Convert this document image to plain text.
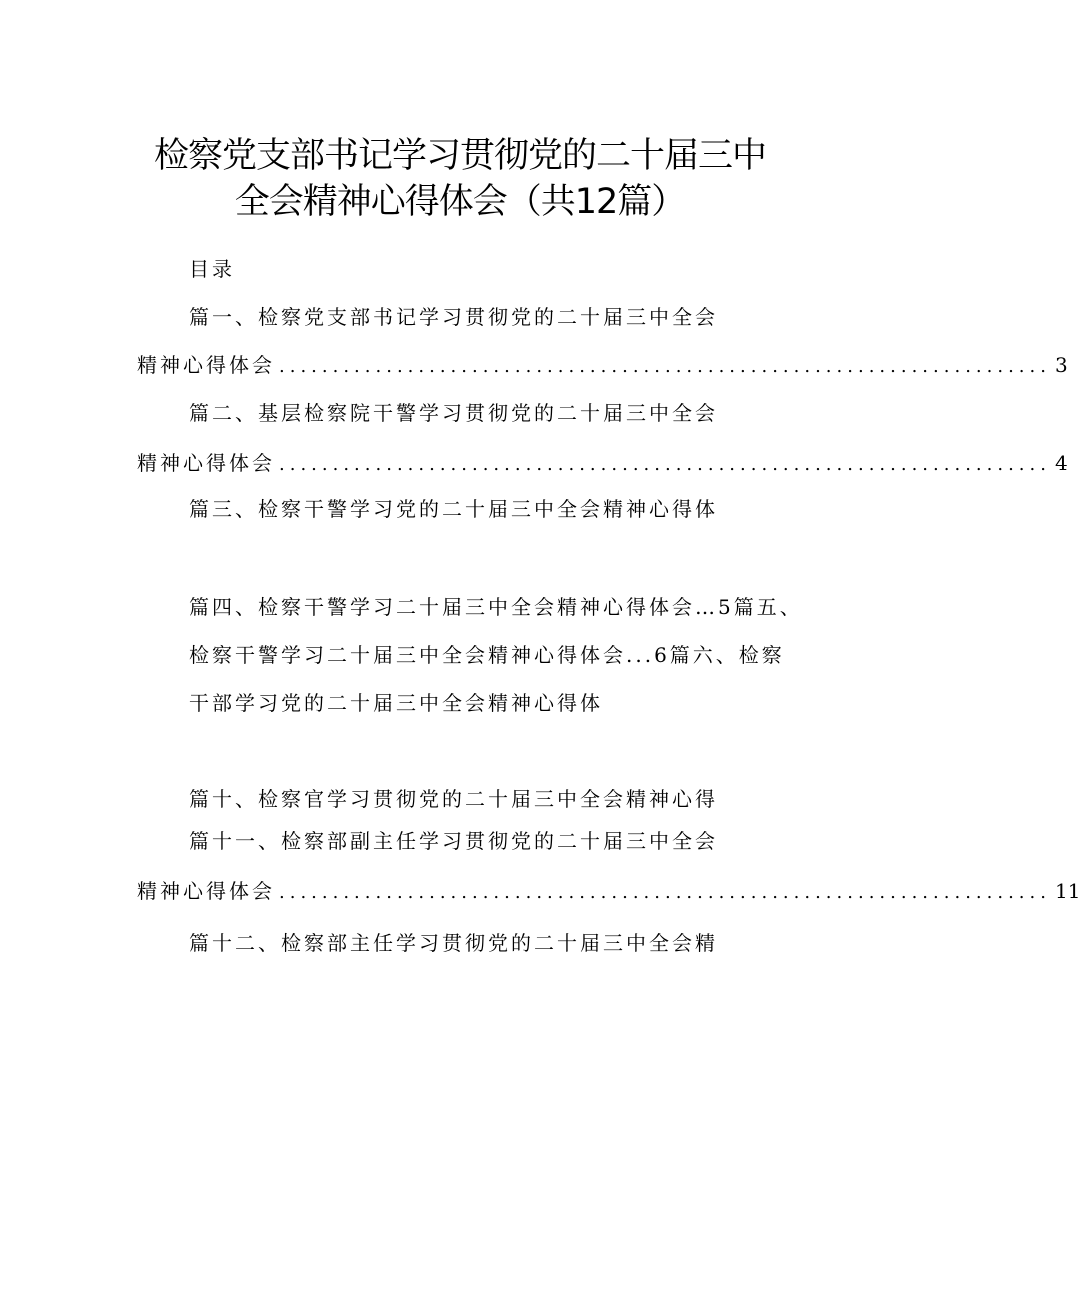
检察党支部书记学习贯彻党的二十届三中
全会精神心得体会（共12篇）
目录
篇一、检察党支部书记学习贯彻党的二十届三中全会
精神心得体会 ........................................................................ 3
篇二、基层检察院干警学习贯彻党的二十届三中全会
精神心得体会 ........................................................................ 4
篇三、检察干警学习党的二十届三中全会精神心得体
篇四、检察干警学习二十届三中全会精神心得体会…5篇五、
检察干警学习二十届三中全会精神心得体会...6篇六、检察
干部学习党的二十届三中全会精神心得体
篇十、检察官学习贯彻党的二十届三中全会精神心得
篇十一、检察部副主任学习贯彻党的二十届三中全会
精神心得体会 ........................................................................ 11
篇十二、检察部主任学习贯彻党的二十届三中全会精
